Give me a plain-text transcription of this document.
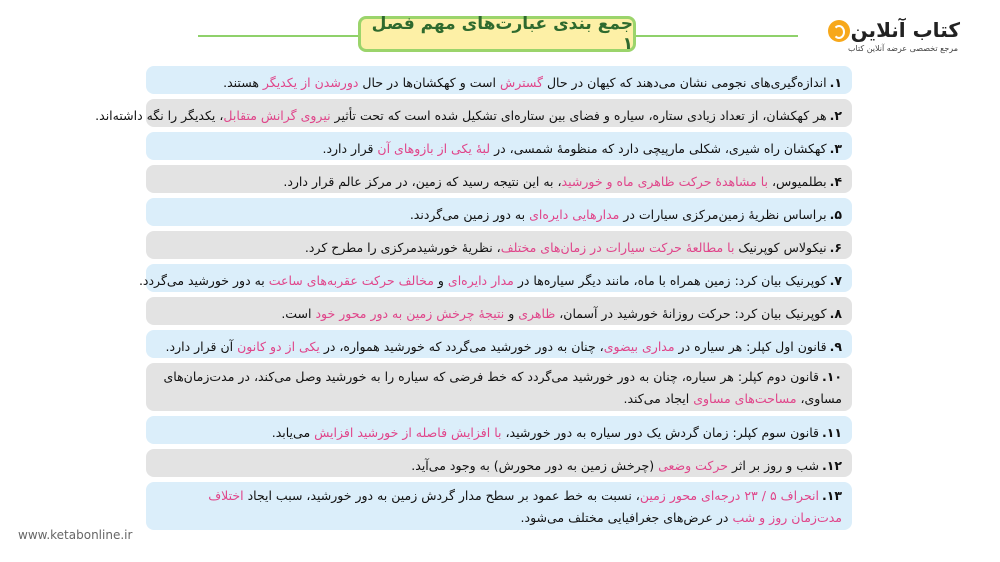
جمع بندی عبارت‌های مهم فصل ۱
کتاب آنلاین
مرجع تخصصی عرضه آنلاین کتاب
۱.اندازه‌گیری‌های نجومی نشان می‌دهند که کیهان در حال گسترش است و کهکشان‌ها در حال دورشدن از یکدیگر هستند.
۲.هر کهکشان، از تعداد زیادی ستاره، سیاره و فضای بین ستاره‌ای تشکیل شده است که تحت تأثیر نیروی گرانش متقابل، یکدیگر را نگه داشته‌اند.
۳.کهکشان راه شیری، شکلی مارپیچی دارد که منظومهٔ شمسی، در لبهٔ یکی از بازوهای آن قرار دارد.
۴.بطلمیوس، با مشاهدهٔ حرکت ظاهری ماه و خورشید، به این نتیجه رسید که زمین، در مرکز عالم قرار دارد.
۵.براساس نظریهٔ زمین‌مرکزی سیارات در مدارهایی دایره‌ای به دور زمین می‌گردند.
۶.نیکولاس کوپرنیک با مطالعهٔ حرکت سیارات در زمان‌های مختلف، نظریهٔ خورشیدمرکزی را مطرح کرد.
۷.کوپرنیک بیان کرد: زمین همراه با ماه، مانند دیگر سیاره‌ها در مدار دایره‌ای و مخالف حرکت عقربه‌های ساعت به دور خورشید می‌گردد.
۸.کوپرنیک بیان کرد: حرکت روزانهٔ خورشید در آسمان، ظاهری و نتیجهٔ چرخش زمین به دور محور خود است.
۹.قانون اول کپلر: هر سیاره در مداری بیضوی، چنان به دور خورشید می‌گردد که خورشید همواره، در یکی از دو کانون آن قرار دارد.
۱۰.قانون دوم کپلر: هر سیاره، چنان به دور خورشید می‌گردد که خط فرضی که سیاره را به خورشید وصل می‌کند، در مدت‌زمان‌های مساوی، مساحت‌های مساوی ایجاد می‌کند.
۱۱.قانون سوم کپلر: زمان گردش یک دور سیاره به دور خورشید، با افزایش فاصله از خورشید افزایش می‌یابد.
۱۲.شب و روز بر اثر حرکت وضعی (چرخش زمین به دور محورش) به وجود می‌آید.
۱۳.انحراف ۵ / ۲۳ درجه‌ای محور زمین، نسبت به خط عمود بر سطح مدار گردش زمین به دور خورشید، سبب ایجاد اختلاف مدت‌زمان روز و شب در عرض‌های جغرافیایی مختلف می‌شود.
www.ketabonline.ir
